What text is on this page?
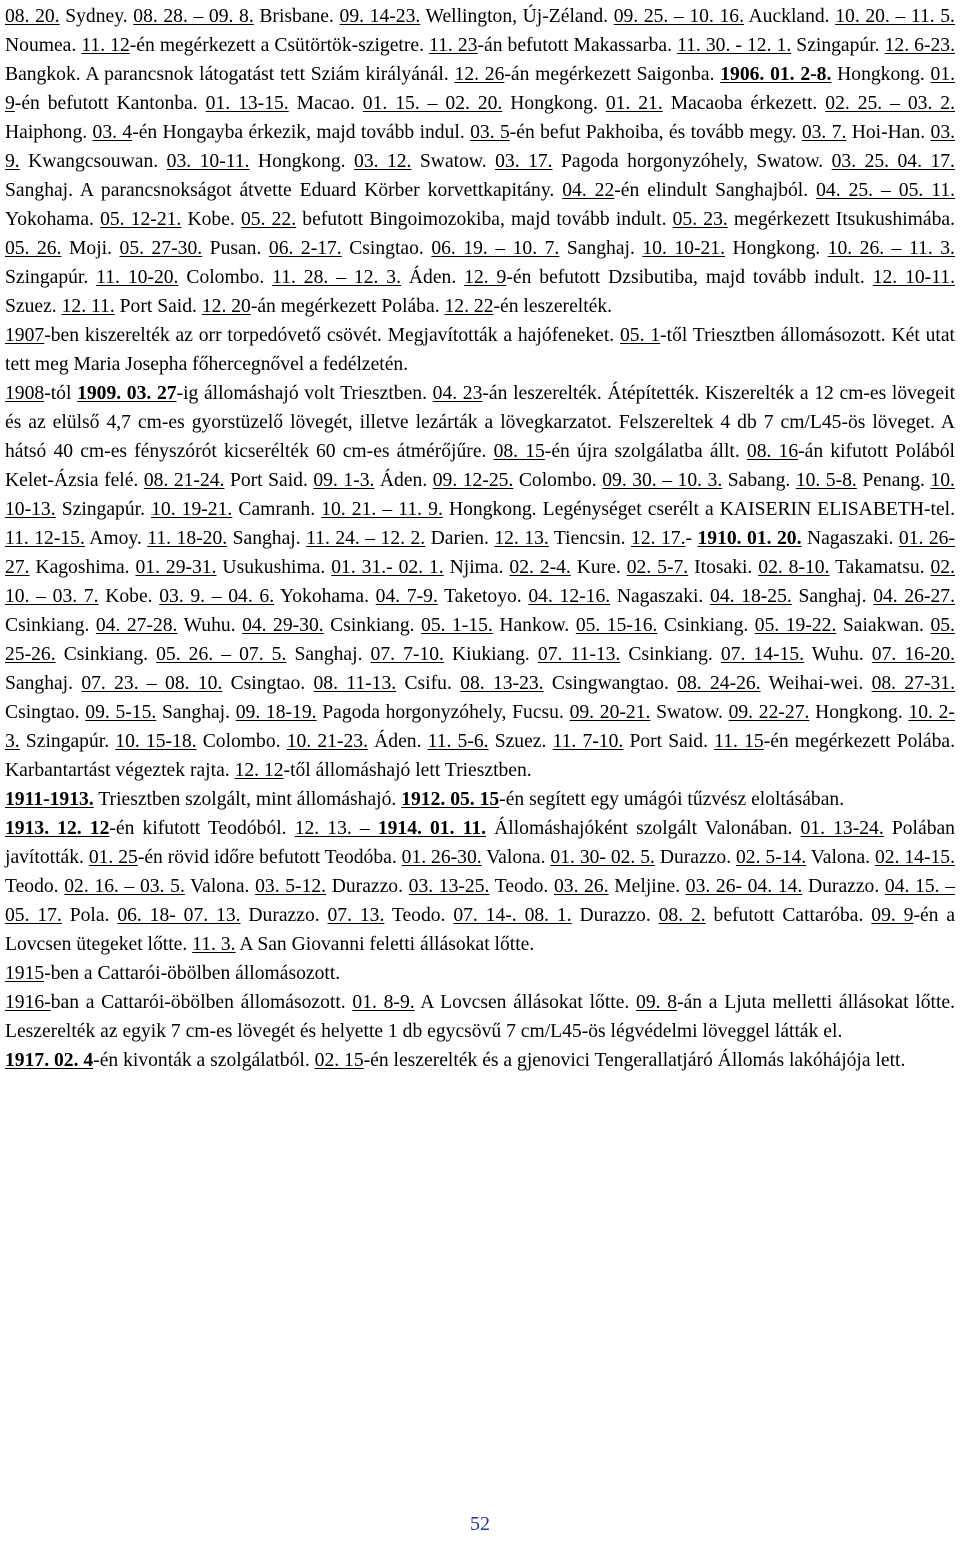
08. 20. Sydney. 08. 28. – 09. 8. Brisbane. 09. 14-23. Wellington, Új-Zéland. 09. 25. – 10. 16. Auckland. 10. 20. – 11. 5. Noumea. 11. 12-én megérkezett a Csütörtök-szigetre. 11. 23-án befutott Makassarba. 11. 30. - 12. 1. Szingapúr. 12. 6-23. Bangkok. A parancsnok látogatást tett Sziám királyánál. 12. 26-án megérkezett Saigonba. 1906. 01. 2-8. Hongkong. 01. 9-én befutott Kantonba. 01. 13-15. Macao. 01. 15. – 02. 20. Hongkong. 01. 21. Macaoba érkezett. 02. 25. – 03. 2. Haiphong. 03. 4-én Hongayba érkezik, majd tovább indul. 03. 5-én befut Pakhoiba, és tovább megy. 03. 7. Hoi-Han. 03. 9. Kwangcsouwan. 03. 10-11. Hongkong. 03. 12. Swatow. 03. 17. Pagoda horgonyzóhely, Swatow. 03. 25. 04. 17. Sanghaj. A parancsnokságot átvette Eduard Körber korvettkapitány. 04. 22-én elindult Sanghajból. 04. 25. – 05. 11. Yokohama. 05. 12-21. Kobe. 05. 22. befutott Bingoimozokiba, majd tovább indult. 05. 23. megérkezett Itsukushimába. 05. 26. Moji. 05. 27-30. Pusan. 06. 2-17. Csingtao. 06. 19. – 10. 7. Sanghaj. 10. 10-21. Hongkong. 10. 26. – 11. 3. Szingapúr. 11. 10-20. Colombo. 11. 28. – 12. 3. Áden. 12. 9-én befutott Dzsibutiba, majd tovább indult. 12. 10-11. Szuez. 12. 11. Port Said. 12. 20-án megérkezett Polába. 12. 22-én leszerelték.

1907-ben kiszerelték az orr torpedóvető csövét. Megjavították a hajófeneket. 05. 1-től Triesztben állomásozott. Két utat tett meg Maria Josepha főhercegnővel a fedélzetén.

1908-tól 1909. 03. 27-ig állomáshajó volt Triesztben. 04. 23-án leszerelték. Átépítették. Kiszerelték a 12 cm-es lövegeit és az elülső 4,7 cm-es gyorstüzelő lövegét, illetve lezárták a lövegkarzatot. Felszereltek 4 db 7 cm/L45-ös löveget. A hátsó 40 cm-es fényszórót kicserélték 60 cm-es átmérőjűre. 08. 15-én újra szolgálatba állt. 08. 16-án kifutott Polából Kelet-Ázsia felé. 08. 21-24. Port Said. 09. 1-3. Áden. 09. 12-25. Colombo. 09. 30. – 10. 3. Sabang. 10. 5-8. Penang. 10. 10-13. Szingapúr. 10. 19-21. Camranh. 10. 21. – 11. 9. Hongkong. Legénységet cserélt a KAISERIN ELISABETH-tel. 11. 12-15. Amoy. 11. 18-20. Sanghaj. 11. 24. – 12. 2. Darien. 12. 13. Tiencsin. 12. 17.- 1910. 01. 20. Nagaszaki. 01. 26-27. Kagoshima. 01. 29-31. Usukushima. 01. 31.- 02. 1. Njima. 02. 2-4. Kure. 02. 5-7. Itosaki. 02. 8-10. Takamatsu. 02. 10. – 03. 7. Kobe. 03. 9. – 04. 6. Yokohama. 04. 7-9. Taketoyo. 04. 12-16. Nagaszaki. 04. 18-25. Sanghaj. 04. 26-27. Csinkiang. 04. 27-28. Wuhu. 04. 29-30. Csinkiang. 05. 1-15. Hankow. 05. 15-16. Csinkiang. 05. 19-22. Saiakwan. 05. 25-26. Csinkiang. 05. 26. – 07. 5. Sanghaj. 07. 7-10. Kiukiang. 07. 11-13. Csinkiang. 07. 14-15. Wuhu. 07. 16-20. Sanghaj. 07. 23. – 08. 10. Csingtao. 08. 11-13. Csifu. 08. 13-23. Csingwangtao. 08. 24-26. Weihai-wei. 08. 27-31. Csingtao. 09. 5-15. Sanghaj. 09. 18-19. Pagoda horgonyzóhely, Fucsu. 09. 20-21. Swatow. 09. 22-27. Hongkong. 10. 2-3. Szingapúr. 10. 15-18. Colombo. 10. 21-23. Áden. 11. 5-6. Szuez. 11. 7-10. Port Said. 11. 15-én megérkezett Polába. Karbantartást végeztek rajta. 12. 12-től állomáshajó lett Triesztben.

1911-1913. Triesztben szolgált, mint állomáshajó. 1912. 05. 15-én segített egy umágói tűzvész eloltásában.

1913. 12. 12-én kifutott Teodóból. 12. 13. – 1914. 01. 11. Állomáshajóként szolgált Valonában. 01. 13-24. Polában javították. 01. 25-én rövid időre befutott Teodóba. 01. 26-30. Valona. 01. 30- 02. 5. Durazzo. 02. 5-14. Valona. 02. 14-15. Teodo. 02. 16. – 03. 5. Valona. 03. 5-12. Durazzo. 03. 13-25. Teodo. 03. 26. Meljine. 03. 26- 04. 14. Durazzo. 04. 15. – 05. 17. Pola. 06. 18- 07. 13. Durazzo. 07. 13. Teodo. 07. 14-. 08. 1. Durazzo. 08. 2. befutott Cattaróba. 09. 9-én a Lovcsen ütegeket lőtte. 11. 3. A San Giovanni feletti állásokat lőtte.

1915-ben a Cattarói-öbölben állomásozott.

1916-ban a Cattarói-öbölben állomásozott. 01. 8-9. A Lovcsen állásokat lőtte. 09. 8-án a Ljuta melletti állásokat lőtte. Leszerelték az egyik 7 cm-es lövegét és helyette 1 db egycsövű 7 cm/L45-ös légvédelmi löveggel látták el.

1917. 02. 4-én kivonták a szolgálatból. 02. 15-én leszerelték és a gjenovici Tengerallatjáró Állomás lakóhájója lett.

52
